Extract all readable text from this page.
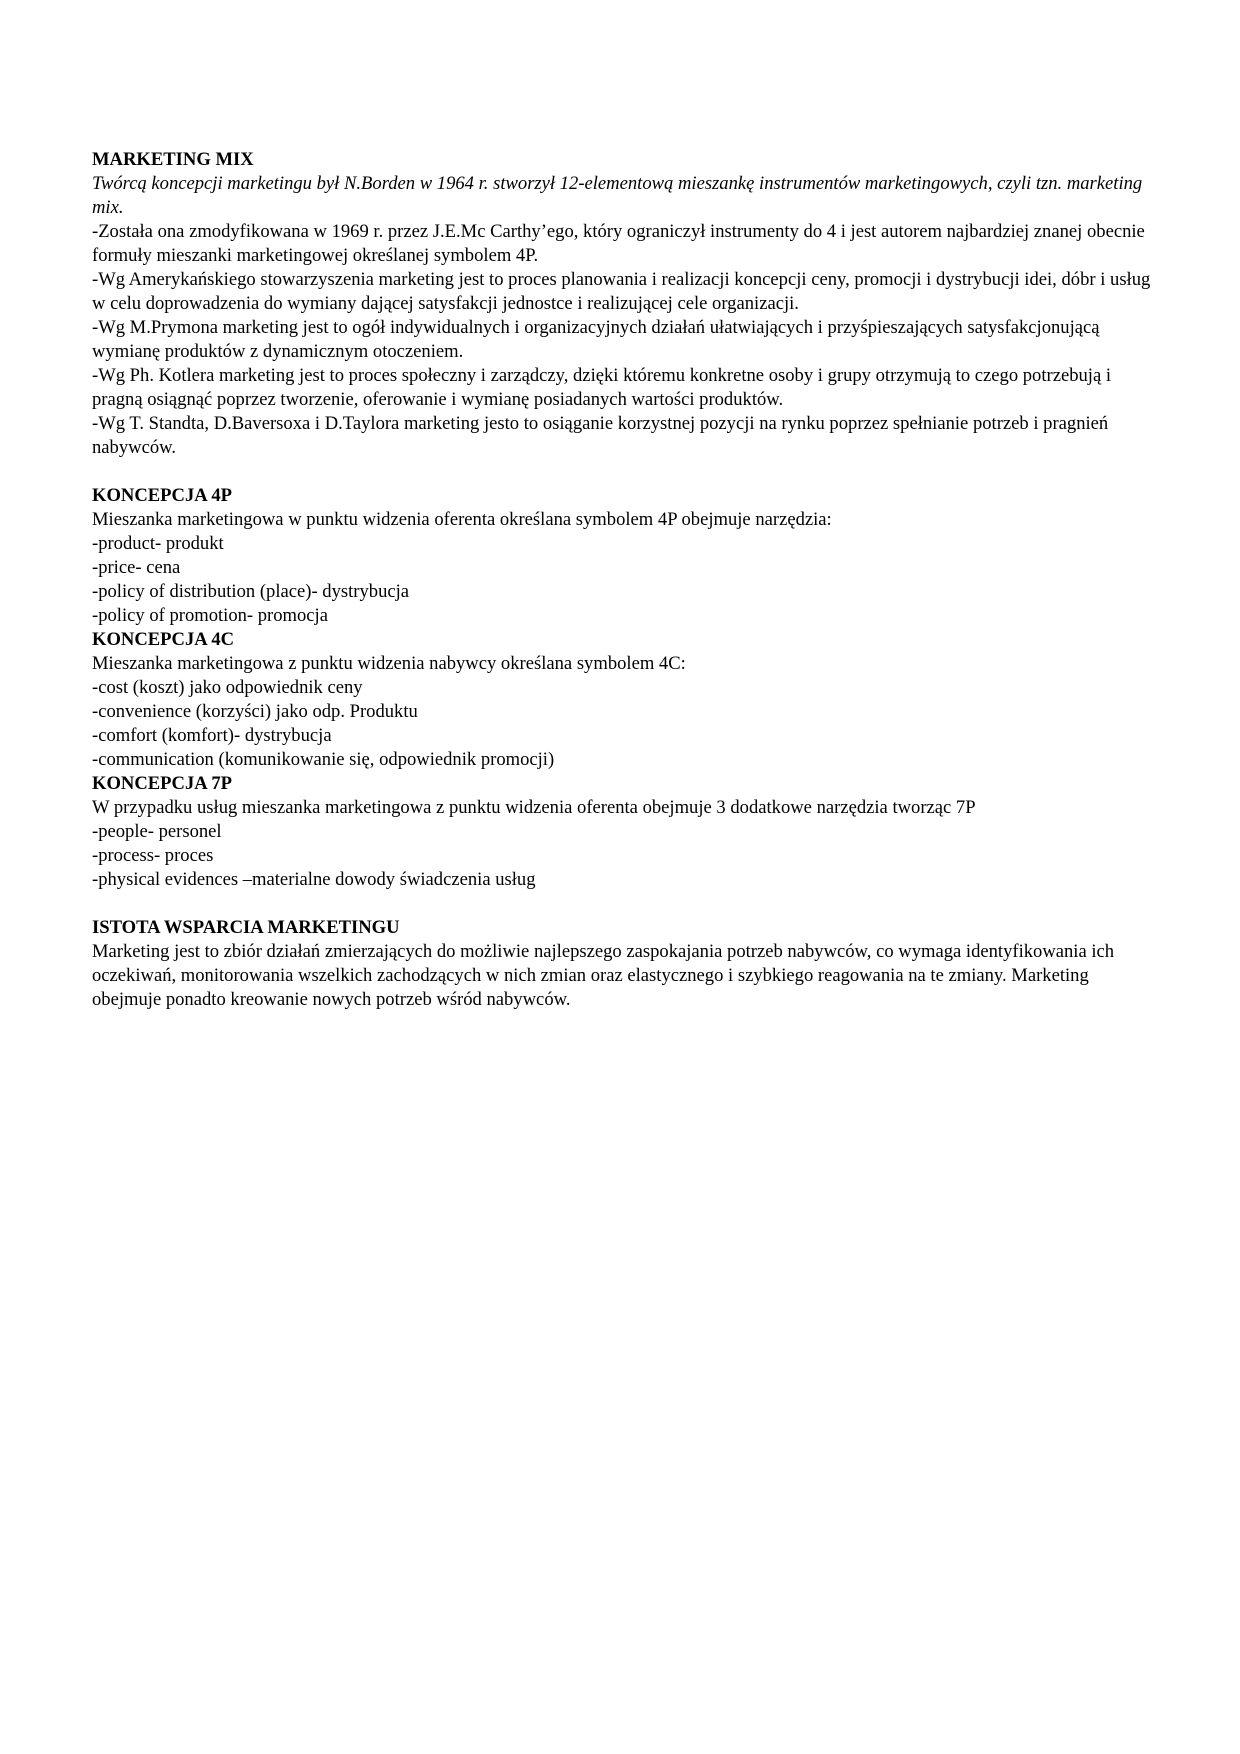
MARKETING MIX

Twórcą koncepcji marketingu był N.Borden w 1964 r. stworzył 12-elementową mieszankę instrumentów marketingowych, czyli tzn. marketing mix.

-Została ona zmodyfikowana w 1969 r. przez J.E.Mc Carthy’ego, który ograniczył instrumenty do 4 i jest autorem najbardziej znanej obecnie formuły mieszanki marketingowej określanej symbolem 4P.

-Wg Amerykańskiego stowarzyszenia marketing jest to proces planowania i realizacji koncepcji ceny, promocji i dystrybucji idei, dóbr i usług w celu doprowadzenia do wymiany dającej satysfakcji jednostce i realizującej cele organizacji.

-Wg M.Prymona marketing jest to ogół indywidualnych i organizacyjnych działań ułatwiających i przyśpieszających satysfakcjonującą wymianę produktów z dynamicznym otoczeniem.

-Wg Ph. Kotlera marketing jest to proces społeczny i zarządczy, dzięki któremu konkretne osoby i grupy otrzymują to czego potrzebują i pragną osiągnąć poprzez tworzenie, oferowanie i wymianę posiadanych wartości produktów.

-Wg T. Standta, D.Baversoxa i D.Taylora marketing jesto to osiąganie korzystnej pozycji na rynku poprzez spełnianie potrzeb i pragnień nabywców.

KONCEPCJA 4P

Mieszanka marketingowa w punktu widzenia oferenta określana symbolem 4P obejmuje narzędzia:

-product- produkt

-price- cena

-policy of distribution (place)- dystrybucja

-policy of promotion- promocja

KONCEPCJA 4C

Mieszanka marketingowa z punktu widzenia nabywcy określana symbolem 4C:

-cost (koszt) jako odpowiednik ceny

-convenience (korzyści) jako odp. Produktu

-comfort (komfort)- dystrybucja

-communication (komunikowanie się, odpowiednik promocji)

KONCEPCJA 7P

W przypadku usług mieszanka marketingowa z punktu widzenia oferenta obejmuje 3 dodatkowe narzędzia tworząc 7P

-people- personel

-process- proces

-physical evidences –materialne dowody świadczenia usług

ISTOTA WSPARCIA MARKETINGU

Marketing jest to zbiór działań zmierzających do możliwie najlepszego zaspokajania potrzeb nabywców, co wymaga identyfikowania ich oczekiwań, monitorowania wszelkich zachodzących w nich zmian oraz elastycznego i szybkiego reagowania na te zmiany. Marketing obejmuje ponadto kreowanie nowych potrzeb wśród nabywców.
